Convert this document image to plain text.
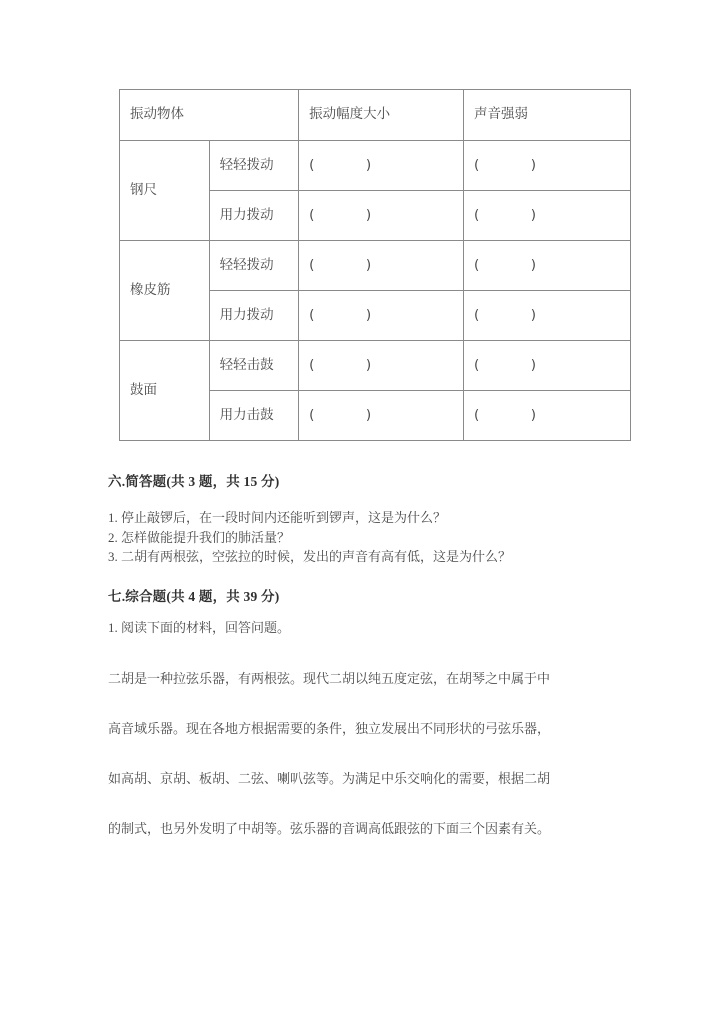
振动物体		振动幅度大小	声音强弱
钢尺	轻轻拨动	(            )	(            )
	用力拨动	(            )	(            )
橡皮筋	轻轻拨动	(            )	(            )
	用力拨动	(            )	(            )
鼓面	轻轻击鼓	(            )	(            )
	用力击鼓	(            )	(            )
六.简答题(共 3 题，共 15 分)
1. 停止敲锣后，在一段时间内还能听到锣声，这是为什么？
2. 怎样做能提升我们的肺活量？
3. 二胡有两根弦，空弦拉的时候，发出的声音有高有低，这是为什么？
七.综合题(共 4 题，共 39 分)
1. 阅读下面的材料，回答问题。
二胡是一种拉弦乐器，有两根弦。现代二胡以纯五度定弦，在胡琴之中属于中
高音域乐器。现在各地方根据需要的条件，独立发展出不同形状的弓弦乐器，
如高胡、京胡、板胡、二弦、喇叭弦等。为满足中乐交响化的需要，根据二胡
的制式，也另外发明了中胡等。弦乐器的音调高低跟弦的下面三个因素有关。
